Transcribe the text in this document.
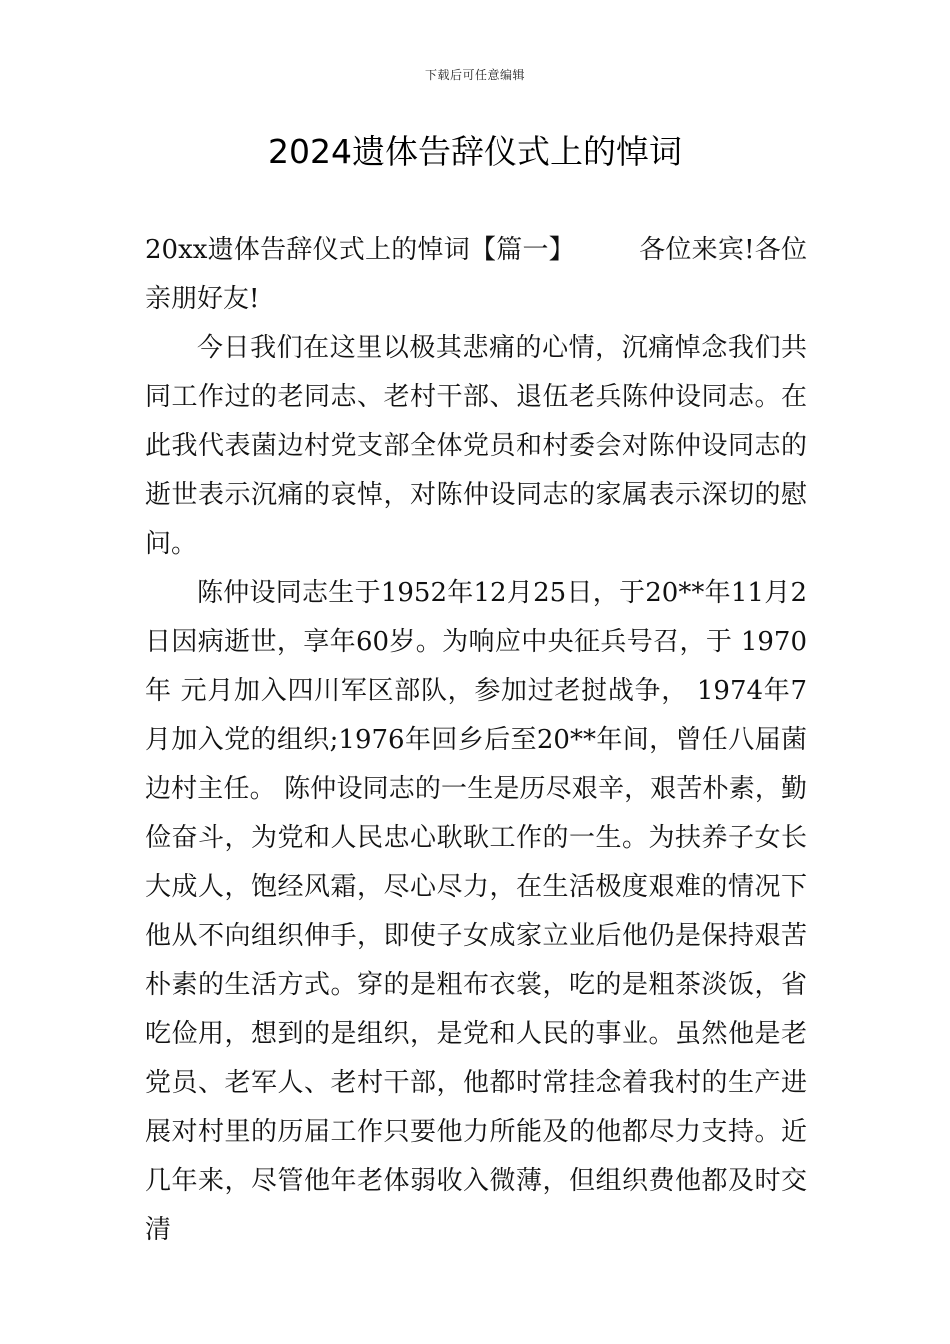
下载后可任意编辑
2024遗体告辞仪式上的悼词

20xx遗体告辞仪式上的悼词【篇一】 各位来宾!各位亲朋好友!

今日我们在这里以极其悲痛的心情，沉痛悼念我们共同工作过的老同志、老村干部、退伍老兵陈仲设同志。在此我代表菌边村党支部全体党员和村委会对陈仲设同志的逝世表示沉痛的哀悼，对陈仲设同志的家属表示深切的慰问。

陈仲设同志生于1952年12月25日，于20**年11月2日因病逝世，享年60岁。为响应中央征兵号召，于 1970年 元月加入四川军区部队，参加过老挝战争， 1974年7月加入党的组织;1976年回乡后至20**年间，曾任八届菌边村主任。 陈仲设同志的一生是历尽艰辛，艰苦朴素，勤俭奋斗，为党和人民忠心耿耿工作的一生。为扶养子女长大成人，饱经风霜，尽心尽力，在生活极度艰难的情况下他从不向组织伸手，即使子女成家立业后他仍是保持艰苦朴素的生活方式。穿的是粗布衣裳，吃的是粗茶淡饭，省吃俭用，想到的是组织，是党和人民的事业。虽然他是老党员、老军人、老村干部，他都时常挂念着我村的生产进展对村里的历届工作只要他力所能及的他都尽力支持。近几年来，尽管他年老体弱收入微薄，但组织费他都及时交清
